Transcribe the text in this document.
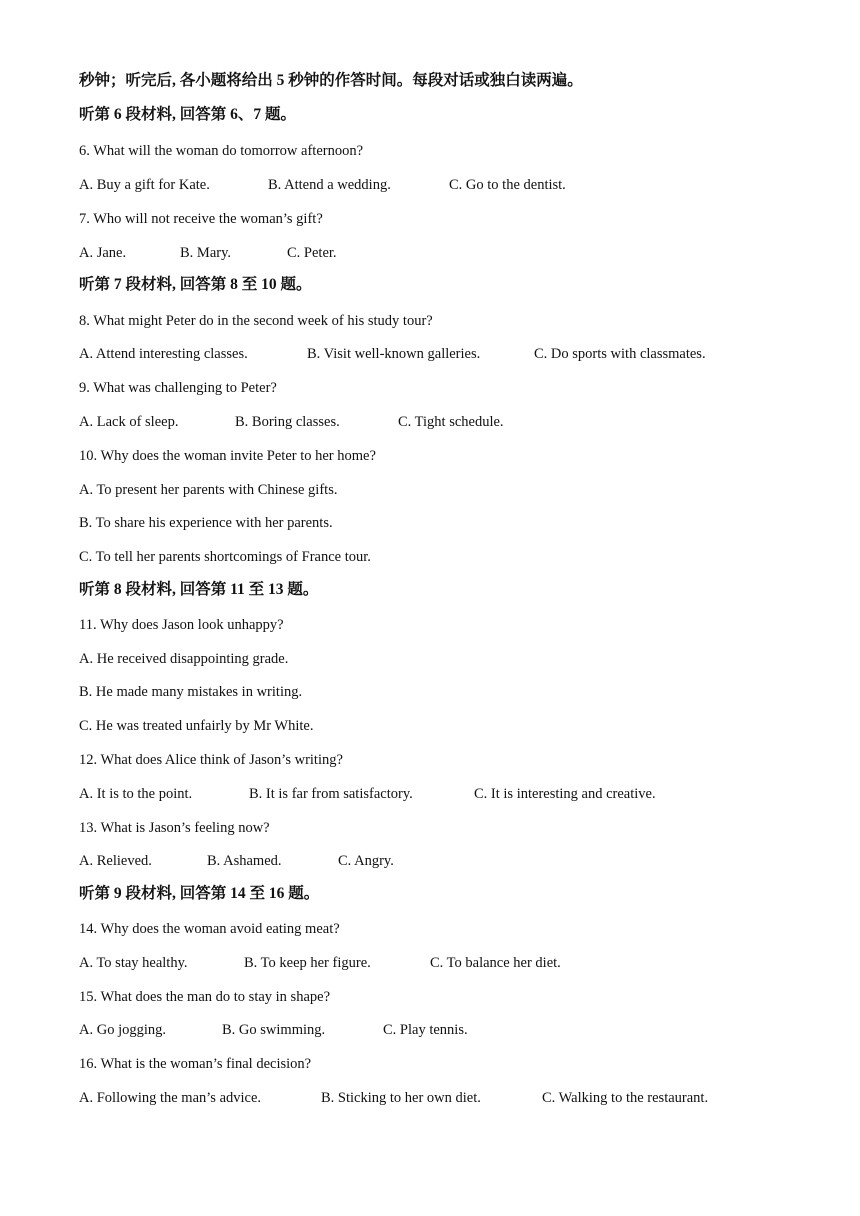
秒钟；听完后, 各小题将给出 5 秒钟的作答时间。每段对话或独白读两遍。
听第 6 段材料, 回答第 6、7 题。
6. What will the woman do tomorrow afternoon?
A. Buy a gift for Kate.	B. Attend a wedding.	C. Go to the dentist.
7. Who will not receive the woman’s gift?
A. Jane.	B. Mary.	C. Peter.
听第 7 段材料, 回答第 8 至 10 题。
8. What might Peter do in the second week of his study tour?
A. Attend interesting classes.	B. Visit well-known galleries.	C. Do sports with classmates.
9. What was challenging to Peter?
A. Lack of sleep.	B. Boring classes.	C. Tight schedule.
10. Why does the woman invite Peter to her home?
A. To present her parents with Chinese gifts.
B. To share his experience with her parents.
C. To tell her parents shortcomings of France tour.
听第 8 段材料, 回答第 11 至 13 题。
11. Why does Jason look unhappy?
A. He received disappointing grade.
B. He made many mistakes in writing.
C. He was treated unfairly by Mr White.
12. What does Alice think of Jason’s writing?
A. It is to the point.	B. It is far from satisfactory.	C. It is interesting and creative.
13. What is Jason’s feeling now?
A. Relieved.	B. Ashamed.	C. Angry.
听第 9 段材料, 回答第 14 至 16 题。
14. Why does the woman avoid eating meat?
A. To stay healthy.	B. To keep her figure.	C. To balance her diet.
15. What does the man do to stay in shape?
A. Go jogging.	B. Go swimming.	C. Play tennis.
16. What is the woman’s final decision?
A. Following the man’s advice.	B. Sticking to her own diet.	C. Walking to the restaurant.
